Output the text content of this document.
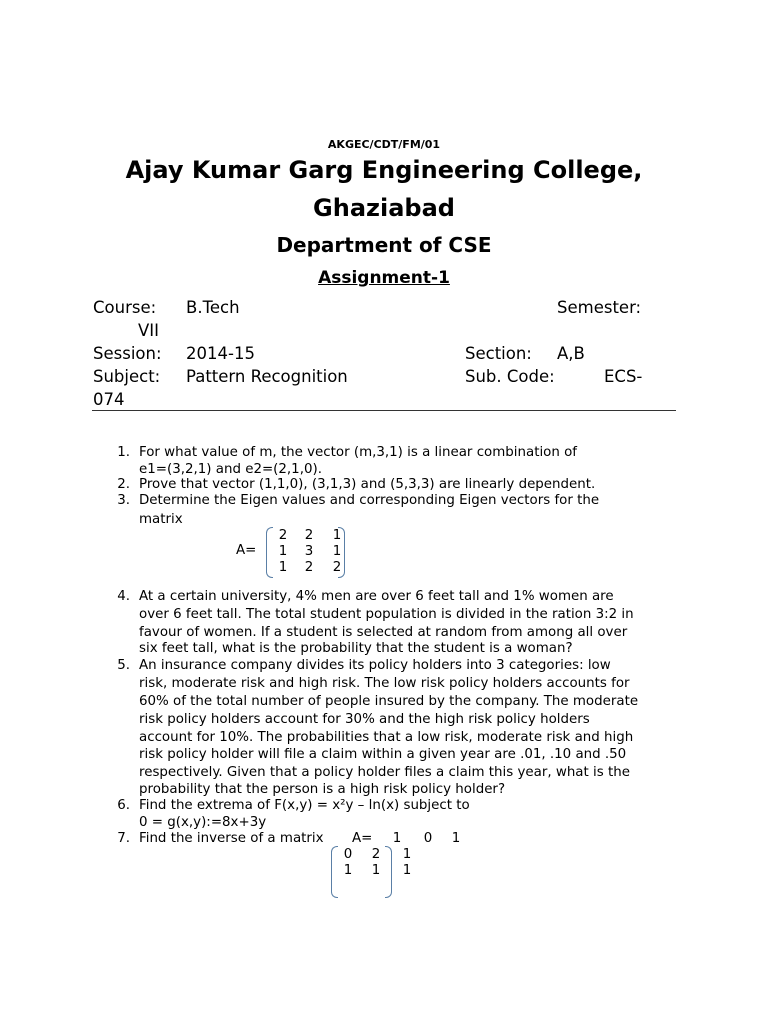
AKGEC/CDT/FM/01
Ajay Kumar Garg Engineering College,
Ghaziabad
Department of CSE
Assignment-1
Course: B.Tech	Semester:
VII
Session: 2014-15	Section: A,B
Subject: Pattern Recognition	Sub. Code:	ECS-
074
1. For what value of m, the vector (m,3,1) is a linear combination of
e1=(3,2,1) and e2=(2,1,0).
2. Prove that vector (1,1,0), (3,1,3) and (5,3,3) are linearly dependent.
3. Determine the Eigen values and corresponding Eigen vectors for the
matrix
A=
2	2	1
1	3	1
1	2	2
4. At a certain university, 4% men are over 6 feet tall and 1% women are
over 6 feet tall. The total student population is divided in the ration 3:2 in
favour of women. If a student is selected at random from among all over
six feet tall, what is the probability that the student is a woman?
5. An insurance company divides its policy holders into 3 categories: low
risk, moderate risk and high risk. The low risk policy holders accounts for
60% of the total number of people insured by the company. The moderate
risk policy holders account for 30% and the high risk policy holders
account for 10%. The probabilities that a low risk, moderate risk and high
risk policy holder will file a claim within a given year are .01, .10 and .50
respectively. Given that a policy holder files a claim this year, what is the
probability that the person is a high risk policy holder?
6. Find the extrema of F(x,y) = x²y – ln(x) subject to
0 = g(x,y):=8x+3y
7. Find the inverse of a matrix A=	1	0	1
0	2	1
1	1	1
